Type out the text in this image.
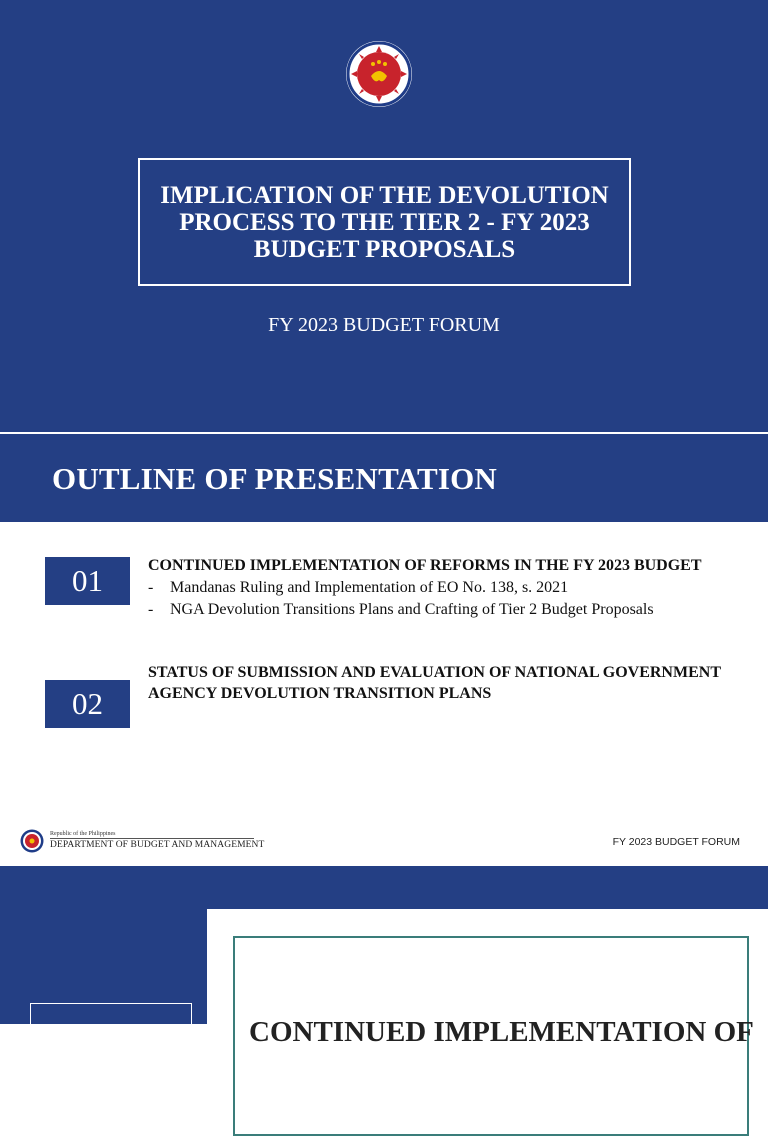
IMPLICATION OF THE DEVOLUTION PROCESS TO THE TIER 2 - FY 2023 BUDGET PROPOSALS
FY 2023 BUDGET FORUM
OUTLINE OF PRESENTATION
01	CONTINUED IMPLEMENTATION OF REFORMS IN THE FY 2023 BUDGET
- Mandanas Ruling and Implementation of EO No. 138, s. 2021
- NGA Devolution Transitions Plans and Crafting of Tier 2 Budget Proposals
02
STATUS OF SUBMISSION AND EVALUATION OF NATIONAL GOVERNMENT AGENCY DEVOLUTION TRANSITION PLANS
Republic of the Philippines
DEPARTMENT OF BUDGET AND MANAGEMENT	FY 2023 BUDGET FORUM
CONTINUED IMPLEMENTATION OF
